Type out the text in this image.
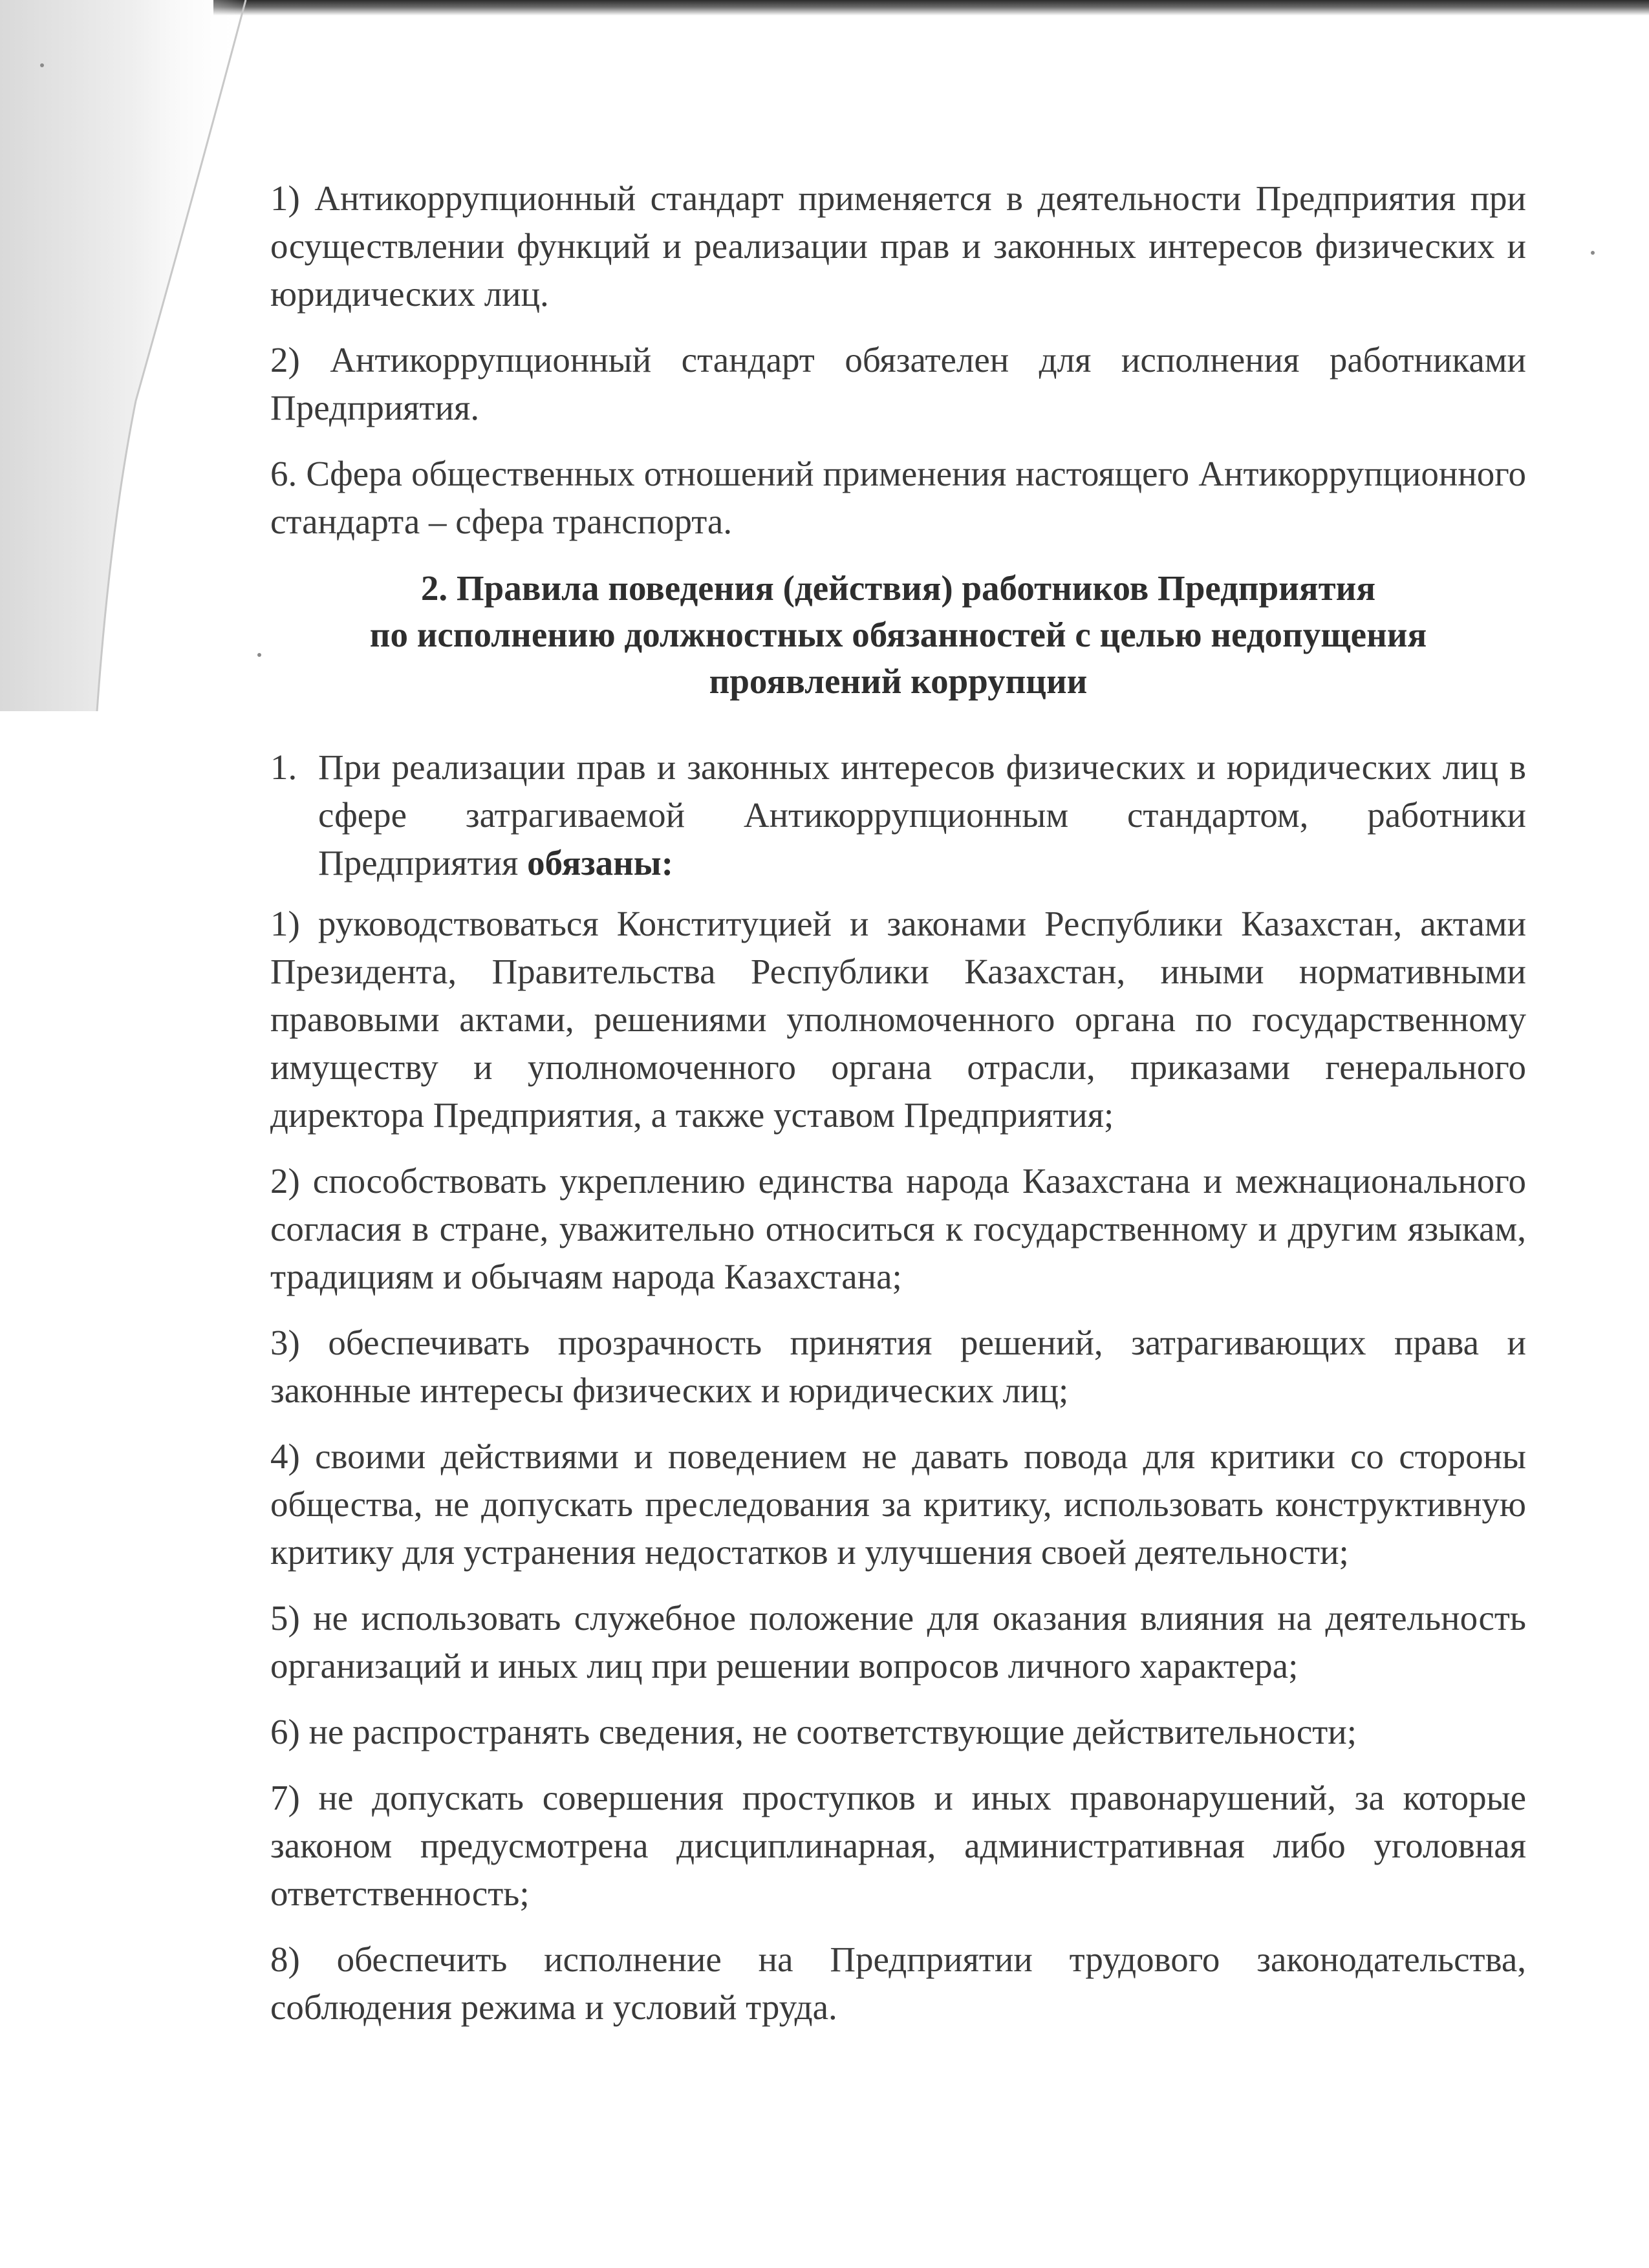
1) Антикоррупционный стандарт применяется в деятельности Предприятия при осуществлении функций и реализации прав и законных интересов физических и юридических лиц.

2) Антикоррупционный стандарт обязателен для исполнения работниками Предприятия.

6. Сфера общественных отношений применения настоящего Антикоррупционного стандарта – сфера транспорта.

2. Правила поведения (действия) работников Предприятия
по исполнению должностных обязанностей с целью недопущения
проявлений коррупции
1. При реализации прав и законных интересов физических и юридических лиц в сфере затрагиваемой Антикоррупционным стандартом, работники Предприятия обязаны:

1) руководствоваться Конституцией и законами Республики Казахстан, актами Президента, Правительства Республики Казахстан, иными нормативными правовыми актами, решениями уполномоченного органа по государственному имуществу и уполномоченного органа отрасли, приказами генерального директора Предприятия, а также уставом Предприятия;

2) способствовать укреплению единства народа Казахстана и межнационального согласия в стране, уважительно относиться к государственному и другим языкам, традициям и обычаям народа Казахстана;

3) обеспечивать прозрачность принятия решений, затрагивающих права и законные интересы физических и юридических лиц;

4) своими действиями и поведением не давать повода для критики со стороны общества, не допускать преследования за критику, использовать конструктивную критику для устранения недостатков и улучшения своей деятельности;

5) не использовать служебное положение для оказания влияния на деятельность организаций и иных лиц при решении вопросов личного характера;

6) не распространять сведения, не соответствующие действительности;

7) не допускать совершения проступков и иных правонарушений, за которые законом предусмотрена дисциплинарная, административная либо уголовная ответственность;

8) обеспечить исполнение на Предприятии трудового законодательства, соблюдения режима и условий труда.
